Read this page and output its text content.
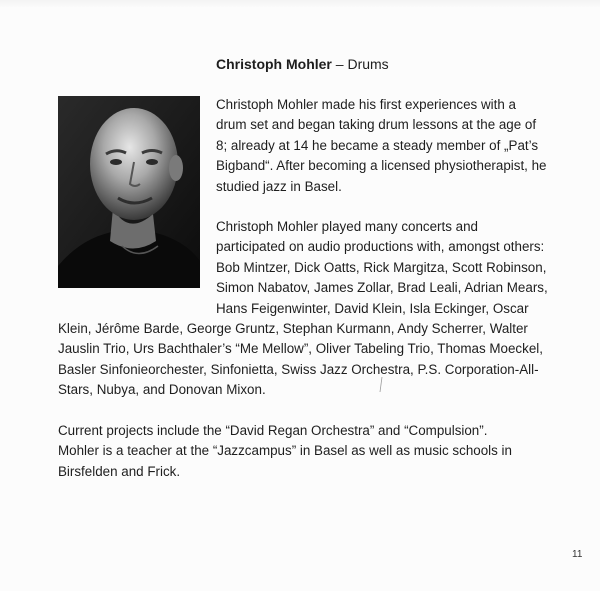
Christoph Mohler – Drums
Christoph Mohler made his first experiences with a
drum set and began taking drum lessons at the age of
8; already at 14 he became a steady member of „Pat’s
Bigband“. After becoming a licensed physiotherapist, he
studied jazz in Basel.
Christoph Mohler played many concerts and
participated on audio productions with, amongst others:
Bob Mintzer, Dick Oatts, Rick Margitza, Scott Robinson,
Simon Nabatov, James Zollar, Brad Leali, Adrian Mears,
Hans Feigenwinter, David Klein, Isla Eckinger, Oscar
Klein, Jérôme Barde, George Gruntz, Stephan Kurmann, Andy Scherrer, Walter
Jauslin Trio, Urs Bachthaler’s “Me Mellow”, Oliver Tabeling Trio, Thomas Moeckel,
Basler Sinfonieorchester, Sinfonietta, Swiss Jazz Orchestra, P.S. Corporation-All-
Stars, Nubya, and Donovan Mixon.
Current projects include the “David Regan Orchestra” and “Compulsion”.
Mohler is a teacher at the “Jazzcampus” in Basel as well as music schools in
Birsfelden and Frick.
11
